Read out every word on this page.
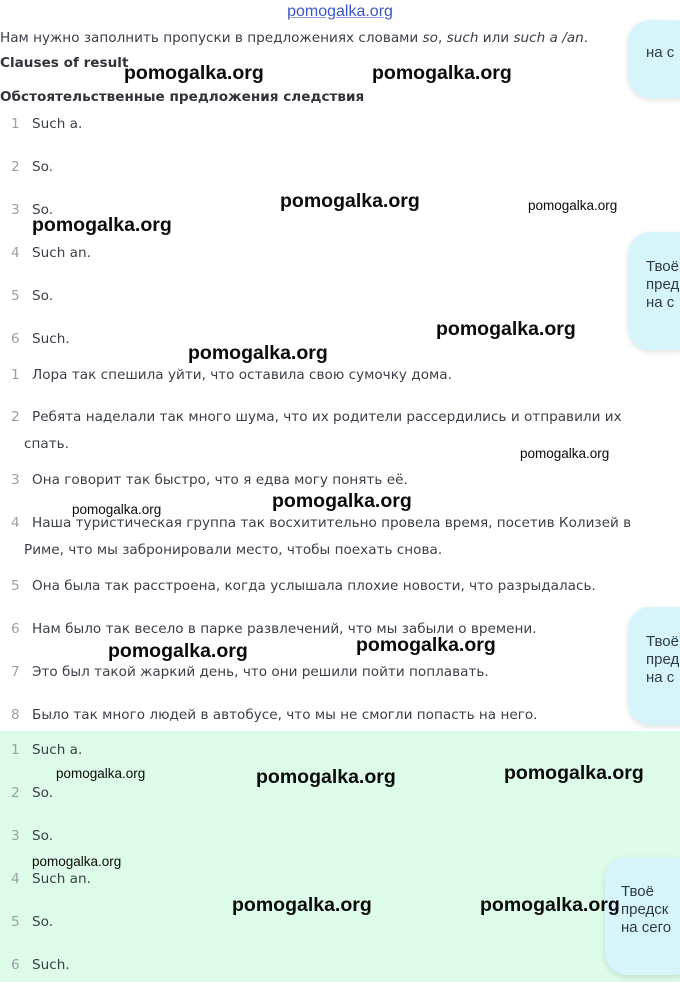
pomogalka.org
Нам нужно заполнить пропуски в предложениях словами so, such или such a /an.
Clauses of result
Обстоятельственные предложения следствия
1 Such a.
2 So.
3 So.
4 Such an.
5 So.
6 Such.
1 Лора так спешила уйти, что оставила свою сумочку дома.
2 Ребята наделали так много шума, что их родители рассердились и отправили их спать.
3 Она говорит так быстро, что я едва могу понять её.
4 Наша туристическая группа так восхитительно провела время, посетив Колизей в Риме, что мы забронировали место, чтобы поехать снова.
5 Она была так расстроена, когда услышала плохие новости, что разрыдалась.
6 Нам было так весело в парке развлечений, что мы забыли о времени.
7 Это был такой жаркий день, что они решили пойти поплавать.
8 Было так много людей в автобусе, что мы не смогли попасть на него.
1 Such a.
2 So.
3 So.
4 Such an.
5 So.
6 Such.
на с
Твоё
пред
на с
Твоё
пред
на с
Твоё
предск
на сего
pomogalka.org	pomogalka.org
pomogalka.org	pomogalka.org
pomogalka.org
pomogalka.org
pomogalka.org
pomogalka.org
pomogalka.org
pomogalka.org
pomogalka.org
pomogalka.org
pomogalka.org
pomogalka.org	pomogalka.org
pomogalka.org
pomogalka.org	pomogalka.org
